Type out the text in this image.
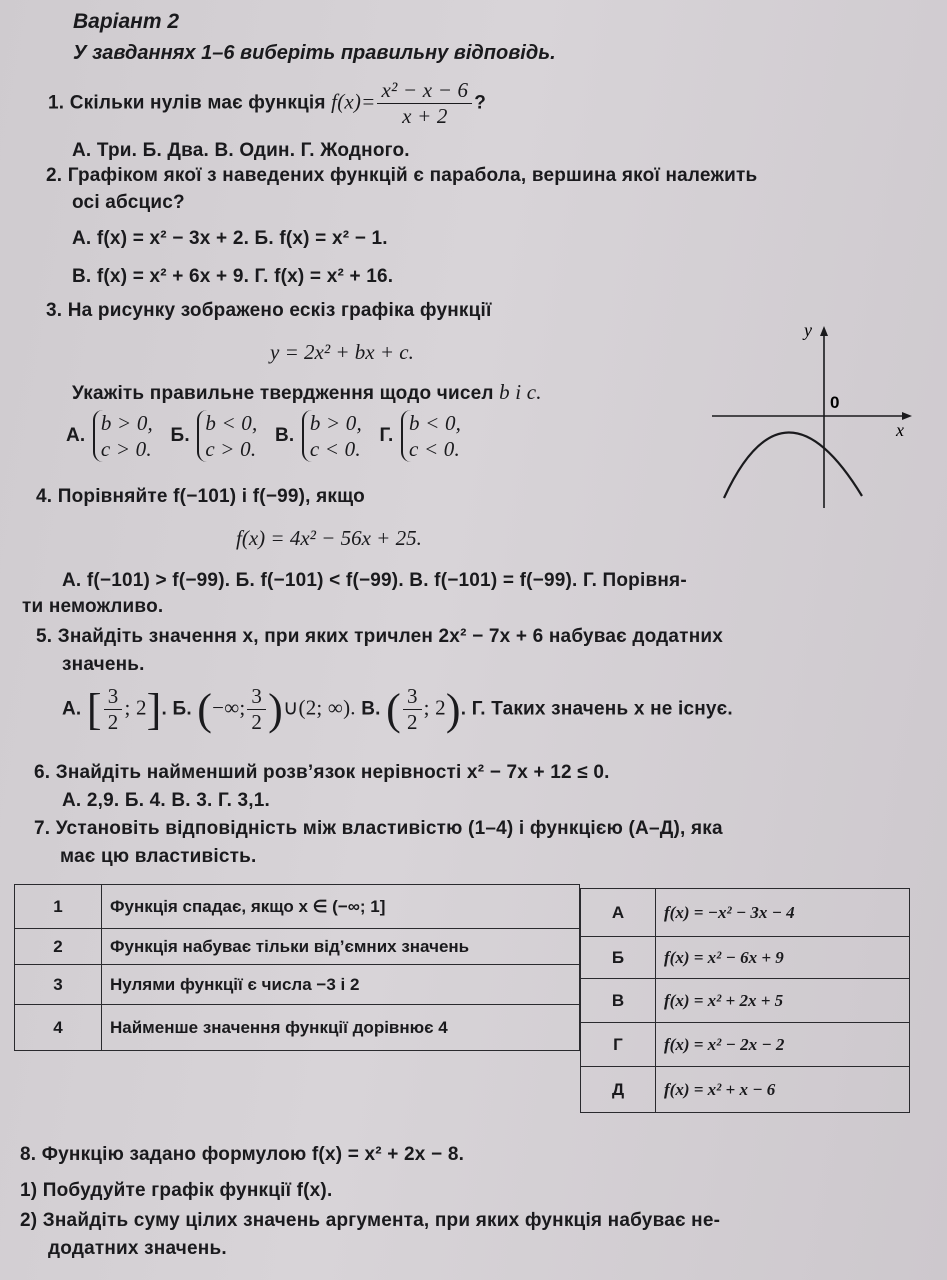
Варіант 2
У завданнях 1–6 виберіть правильну відповідь.
1. Скільки нулів має функція $f(x)= \frac{\text{x² − x − 6}}{x + 2}$ ?
А. Три. Б. Два. В. Один. Г. Жодного.
2. Графіком якої з наведених функцій є парабола, вершина якої належить
осі абсцис?
А. f(x) = x² − 3x + 2. Б. f(x) = x² − 1.
В. f(x) = x² + 6x + 9. Г. f(x) = x² + 16.
3. На рисунку зображено ескіз графіка функції
y = 2x² + bx + c.
Укажіть правильне твердження щодо чисел b і c.
А. b > 0,
c > 0. Б. b < 0,
c > 0. В. b > 0,
c < 0. Г. b < 0,
c < 0.
y
x
0
4. Порівняйте f(−101) і f(−99), якщо
f(x) = 4x² − 56x + 25.
А. f(−101) > f(−99). Б. f(−101) < f(−99). В. f(−101) = f(−99). Г. Порівня-
ти неможливо.
5. Знайдіть значення x, при яких тричлен 2x² − 7x + 6 набуває додатних
значень.
А. [ $\frac{3}{2}$ ; 2]. Б. (−∞; $\frac{3}{2}$ )∪(2; ∞). В. ( $\frac{3}{2}$ ; 2). Г. Таких значень x не існує.
6. Знайдіть найменший розв’язок нерівності x² − 7x + 12 ≤ 0.
А. 2,9. Б. 4. В. 3. Г. 3,1.
7. Установіть відповідність між властивістю (1–4) і функцією (А–Д), яка
має цю властивість.
1	Функція спадає, якщо x ∈ (−∞; 1]
2	Функція набуває тільки від’ємних значень
3	Нулями функції є числа −3 і 2
4	Найменше значення функції дорівнює 4
А	f(x) = −x² − 3x − 4
Б	f(x) = x² − 6x + 9
В	f(x) = x² + 2x + 5
Г	f(x) = x² − 2x − 2
Д	f(x) = x² + x − 6
8. Функцію задано формулою f(x) = x² + 2x − 8.
1) Побудуйте графік функції f(x).
2) Знайдіть суму цілих значень аргумента, при яких функція набуває не-
додатних значень.
